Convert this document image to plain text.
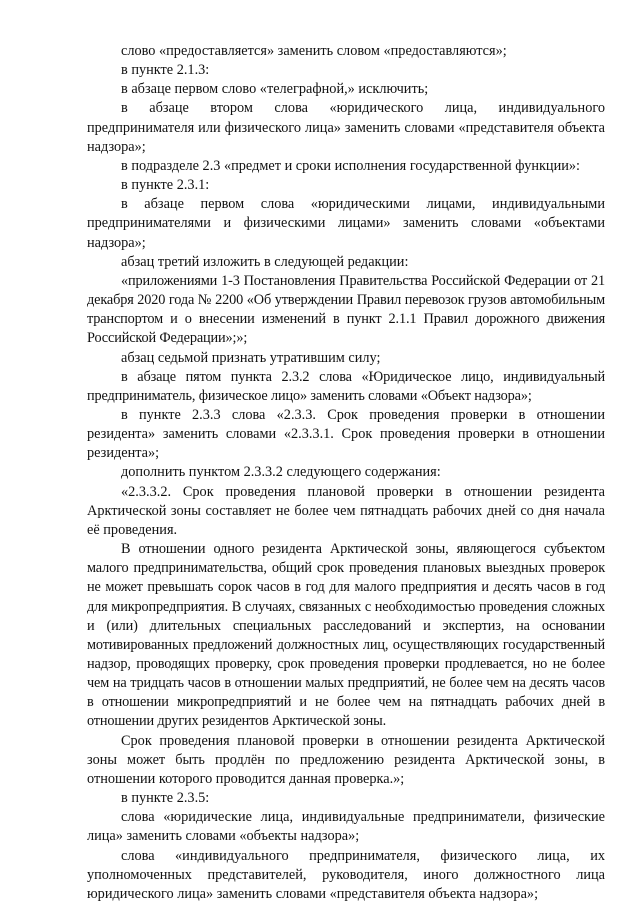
слово «предоставляется» заменить словом «предоставляются»;

в пункте 2.1.3:

в абзаце первом слово «телеграфной,» исключить;

в абзаце втором слова «юридического лица, индивидуального предпринимателя или физического лица» заменить словами «представителя объекта надзора»;

в подразделе 2.3 «предмет и сроки исполнения государственной функции»:

в пункте 2.3.1:

в абзаце первом слова «юридическими лицами, индивидуальными предпринимателями и физическими лицами» заменить словами «объектами надзора»;

абзац третий изложить в следующей редакции:

«приложениями 1-3 Постановления Правительства Российской Федерации от 21 декабря 2020 года № 2200 «Об утверждении Правил перевозок грузов автомобильным транспортом и о внесении изменений в пункт 2.1.1 Правил дорожного движения Российской Федерации»;»;

абзац седьмой признать утратившим силу;

в абзаце пятом пункта 2.3.2 слова «Юридическое лицо, индивидуальный предприниматель, физическое лицо» заменить словами «Объект надзора»;

в пункте 2.3.3 слова «2.3.3. Срок проведения проверки в отношении резидента» заменить словами «2.3.3.1. Срок проведения проверки в отношении резидента»;

дополнить пунктом 2.3.3.2 следующего содержания:

«2.3.3.2. Срок проведения плановой проверки в отношении резидента Арктической зоны составляет не более чем пятнадцать рабочих дней со дня начала её проведения.

В отношении одного резидента Арктической зоны, являющегося субъектом малого предпринимательства, общий срок проведения плановых выездных проверок не может превышать сорок часов в год для малого предприятия и десять часов в год для микропредприятия. В случаях, связанных с необходимостью проведения сложных и (или) длительных специальных расследований и экспертиз, на основании мотивированных предложений должностных лиц, осуществляющих государственный надзор, проводящих проверку, срок проведения проверки продлевается, но не более чем на тридцать часов в отношении малых предприятий, не более чем на десять часов в отношении микропредприятий и не более чем на пятнадцать рабочих дней в отношении других резидентов Арктической зоны.

Срок проведения плановой проверки в отношении резидента Арктической зоны может быть продлён по предложению резидента Арктической зоны, в отношении которого проводится данная проверка.»;

в пункте 2.3.5:

слова «юридические лица, индивидуальные предприниматели, физические лица» заменить словами «объекты надзора»;

слова «индивидуального предпринимателя, физического лица, их уполномоченных представителей, руководителя, иного должностного лица юридического лица» заменить словами «представителя объекта надзора»;
